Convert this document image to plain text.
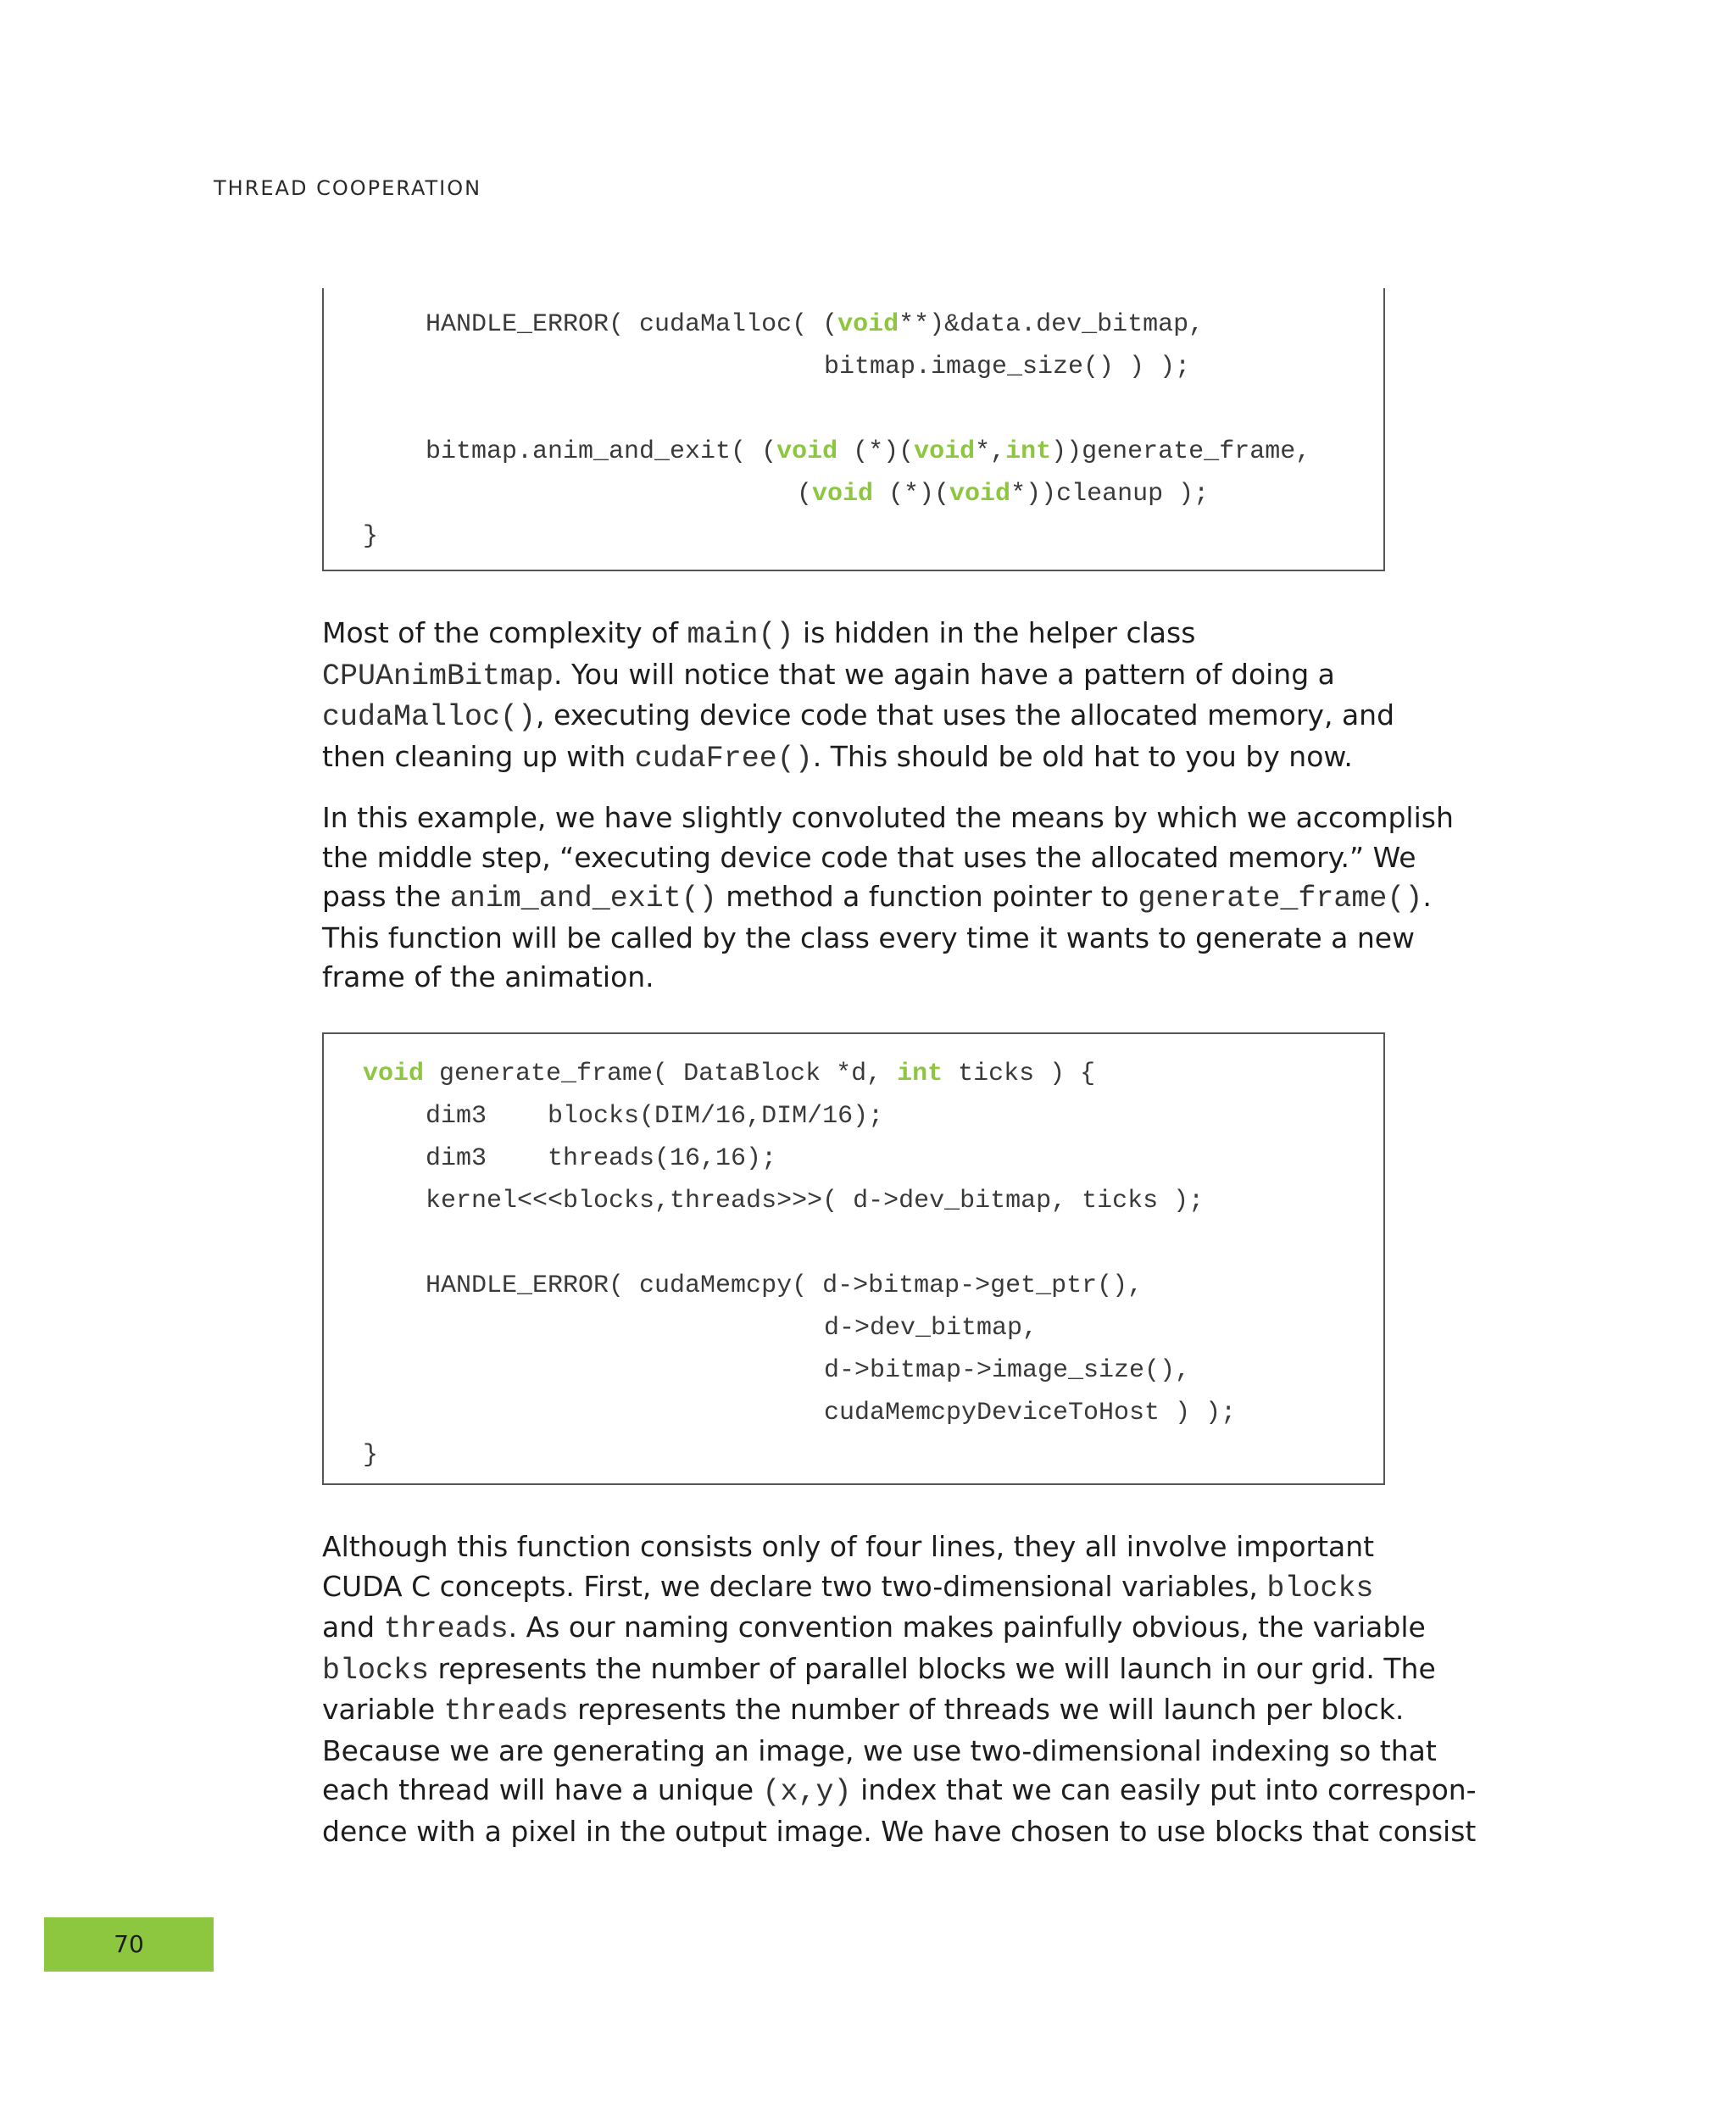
THREAD COOPERATION
HANDLE_ERROR( cudaMalloc( (void**)&data.dev_bitmap,
bitmap.image_size() ) );
bitmap.anim_and_exit( (void (*)(void*,int))generate_frame,
(void (*)(void*))cleanup );
}

Most of the complexity of main() is hidden in the helper class
CPUAnimBitmap. You will notice that we again have a pattern of doing a
cudaMalloc(), executing device code that uses the allocated memory, and
then cleaning up with cudaFree(). This should be old hat to you by now.

In this example, we have slightly convoluted the means by which we accomplish
the middle step, “executing device code that uses the allocated memory.” We
pass the anim_and_exit() method a function pointer to generate_frame().
This function will be called by the class every time it wants to generate a new
frame of the animation.

void generate_frame( DataBlock *d, int ticks ) {
dim3    blocks(DIM/16,DIM/16);
dim3    threads(16,16);
kernel<<<blocks,threads>>>( d->dev_bitmap, ticks );
HANDLE_ERROR( cudaMemcpy( d->bitmap->get_ptr(),
d->dev_bitmap,
d->bitmap->image_size(),
cudaMemcpyDeviceToHost ) );
}

Although this function consists only of four lines, they all involve important
CUDA C concepts. First, we declare two two-dimensional variables, blocks
and threads. As our naming convention makes painfully obvious, the variable
blocks represents the number of parallel blocks we will launch in our grid. The
variable threads represents the number of threads we will launch per block.
Because we are generating an image, we use two-dimensional indexing so that
each thread will have a unique (x,y) index that we can easily put into correspon-
dence with a pixel in the output image. We have chosen to use blocks that consist

70
